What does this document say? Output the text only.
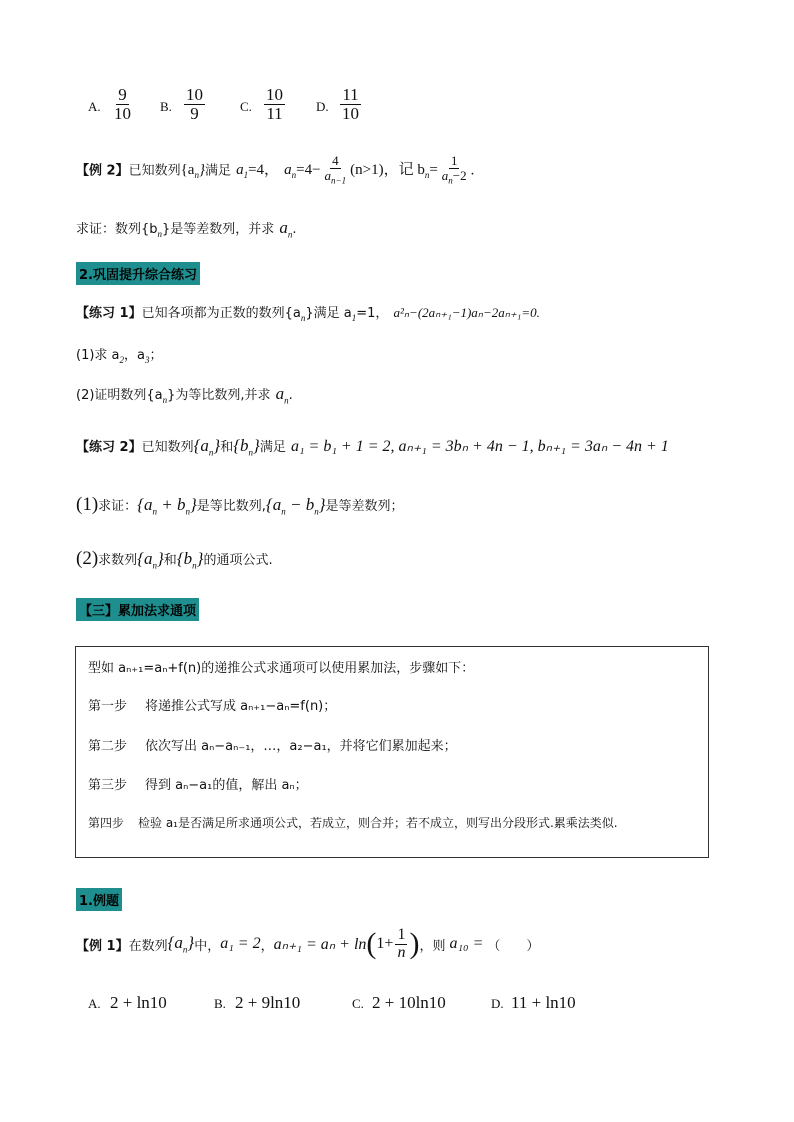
A. $\frac{9}{10} B$. $\frac{10}{9}$	C. $\frac{10}{11} D$. $\frac{11}{10}$
【例 2】已知数列$\{a_n\}$满足 $a_1=4$， $a_n=4- \frac{4}{a_{n-1}} (n>1)$，记 $b_n= \frac{1}{a_n-2}$ .
求证：数列$\{b_n\}$是等差数列，并求 $a_n$.
2.巩固提升综合练习
【练习 1】已知各项都为正数的数列$\{a_n\}$满足 $a_1=1$， a²ₙ−(2aₙ₊₁−1)aₙ−2aₙ₊₁=0.
(1)求 $a_2$，$a_3$；
(2)证明数列$\{a_n\}$为等比数列,并求 $a_n$.
【练习 2】已知数列$\{a_n\}$和$\{b_n\}$满足 a₁ = b₁ + 1 = 2, aₙ₊₁ = 3bₙ + 4n − 1, bₙ₊₁ = 3aₙ − 4n + 1
(1)求证：$\{a_n + b_n\}$是等比数列$,\{a_n - b_n\}$是等差数列；
(2)求数列$\{a_n\}$和$\{b_n\}$的通项公式.
【三】累加法求通项
型如 aₙ₊₁=aₙ+f(n)的递推公式求通项可以使用累加法，步骤如下：
第一步 将递推公式写成 aₙ₊₁−aₙ=f(n)；
第二步 依次写出 aₙ−aₙ₋₁，…，a₂−a₁，并将它们累加起来；
第三步 得到 aₙ−a₁的值，解出 aₙ；
第四步 检验 a₁是否满足所求通项公式，若成立，则合并；若不成立，则写出分段形式.累乘法类似.
1.例题
【例 1】 在数列 $\{a_n\}$ 中， a₁ = 2 ， aₙ₊₁ = aₙ + ln ( $1+ \frac{1}{n}$ ) ，则 a₁₀ = （　　）
A. 2 + ln10	B. 2 + 9ln10	C. 2 + 10ln10	D. 11 + ln10
